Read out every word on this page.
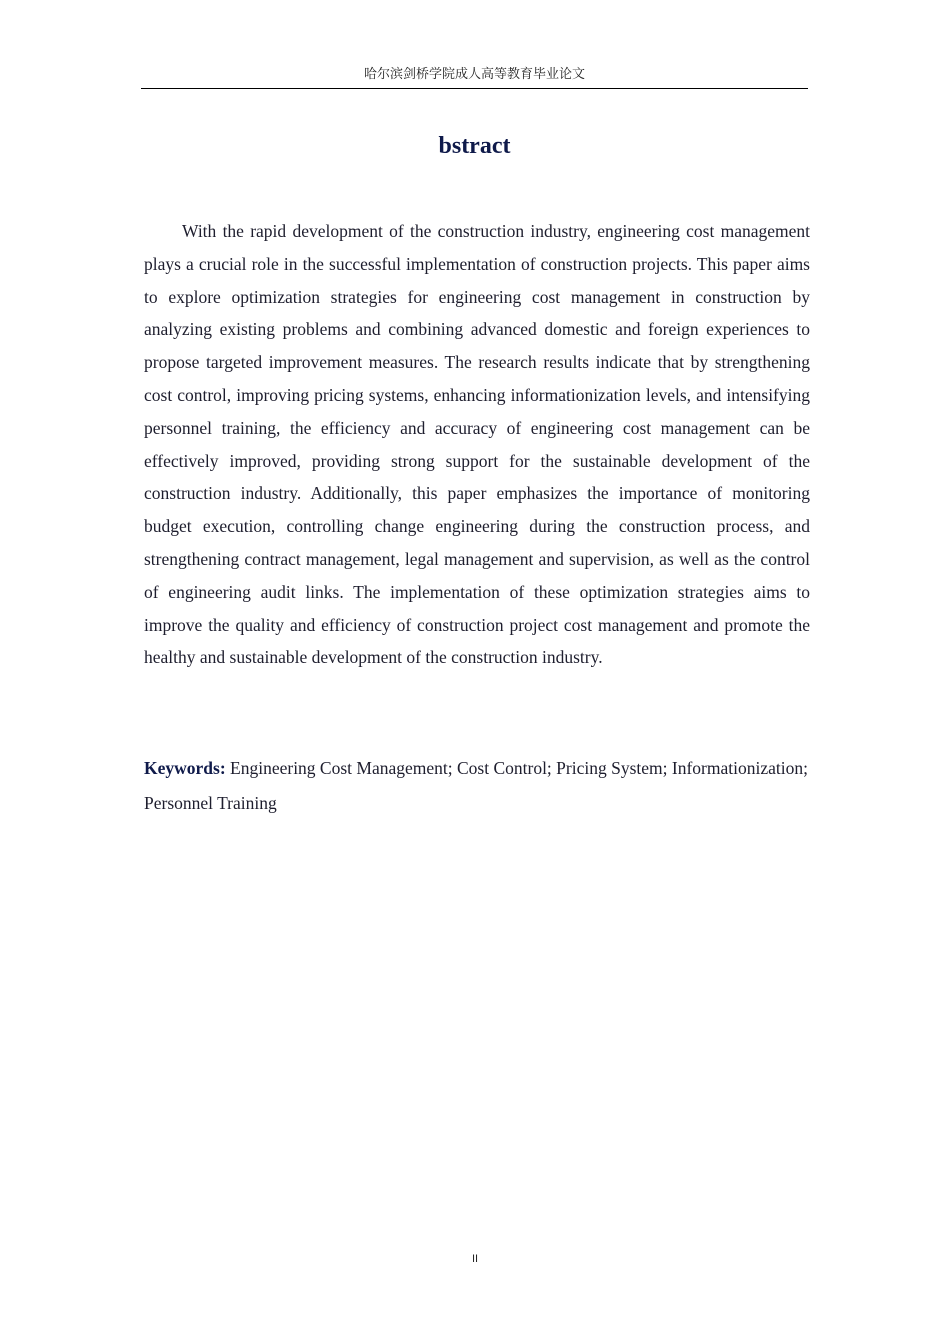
哈尔滨剑桥学院成人高等教育毕业论文
bstract

With the rapid development of the construction industry, engineering cost management plays a crucial role in the successful implementation of construction projects. This paper aims to explore optimization strategies for engineering cost management in construction by analyzing existing problems and combining advanced domestic and foreign experiences to propose targeted improvement measures. The research results indicate that by strengthening cost control, improving pricing systems, enhancing informationization levels, and intensifying personnel training, the efficiency and accuracy of engineering cost management can be effectively improved, providing strong support for the sustainable development of the construction industry. Additionally, this paper emphasizes the importance of monitoring budget execution, controlling change engineering during the construction process, and strengthening contract management, legal management and supervision, as well as the control of engineering audit links. The implementation of these optimization strategies aims to improve the quality and efficiency of construction project cost management and promote the healthy and sustainable development of the construction industry.

Keywords: Engineering Cost Management; Cost Control; Pricing System; Informationization; Personnel Training

II
